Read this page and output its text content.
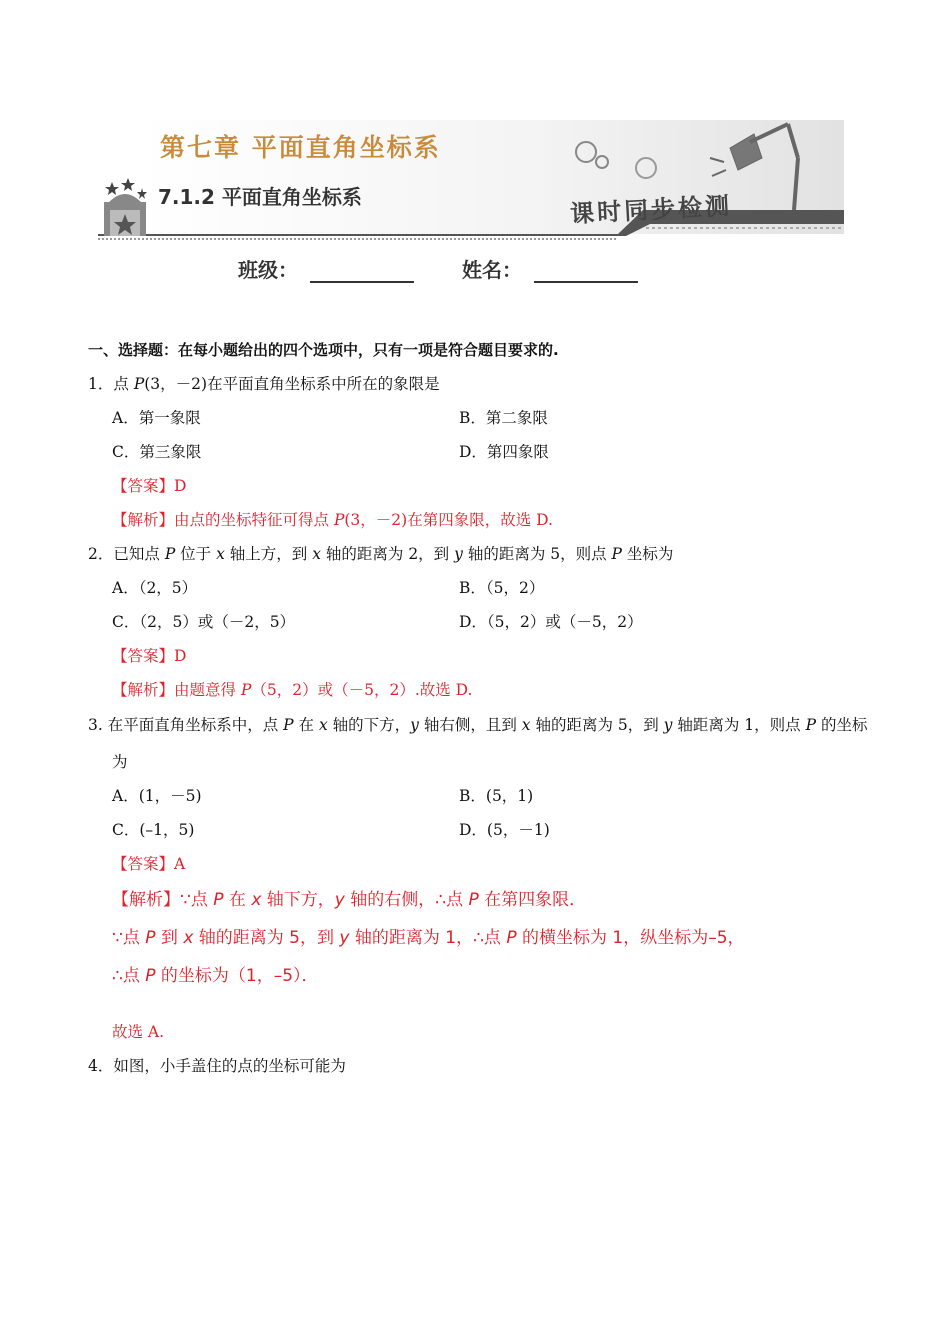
第七章 平面直角坐标系
7.1.2 平面直角坐标系	课时同步检测
班级：	姓名：
一、选择题：在每小题给出的四个选项中，只有一项是符合题目要求的.
1．点 P(3，－2)在平面直角坐标系中所在的象限是
A．第一象限	B．第二象限
C．第三象限	D．第四象限
【答案】D
【解析】由点的坐标特征可得点 P(3，－2)在第四象限，故选 D.
2．已知点 P 位于 x 轴上方，到 x 轴的距离为 2，到 y 轴的距离为 5，则点 P 坐标为
A．（2，5）	B．（5，2）
C．（2，5）或（－2，5）	D．（5，2）或（－5，2）
【答案】D
【解析】由题意得 P（5，2）或（－5，2）.故选 D.
3. 在平面直角坐标系中，点 P 在 x 轴的下方，y 轴右侧，且到 x 轴的距离为 5，到 y 轴距离为 1，则点 P 的坐标
为
A．(1，－5)	B．(5，1)
C．(–1，5)	D．(5，－1)
【答案】A
【解析】∵点 P 在 x 轴下方，y 轴的右侧，∴点 P 在第四象限．
∵点 P 到 x 轴的距离为 5，到 y 轴的距离为 1，∴点 P 的横坐标为 1，纵坐标为–5，
∴点 P 的坐标为（1，–5）．
故选 A.
4．如图，小手盖住的点的坐标可能为
